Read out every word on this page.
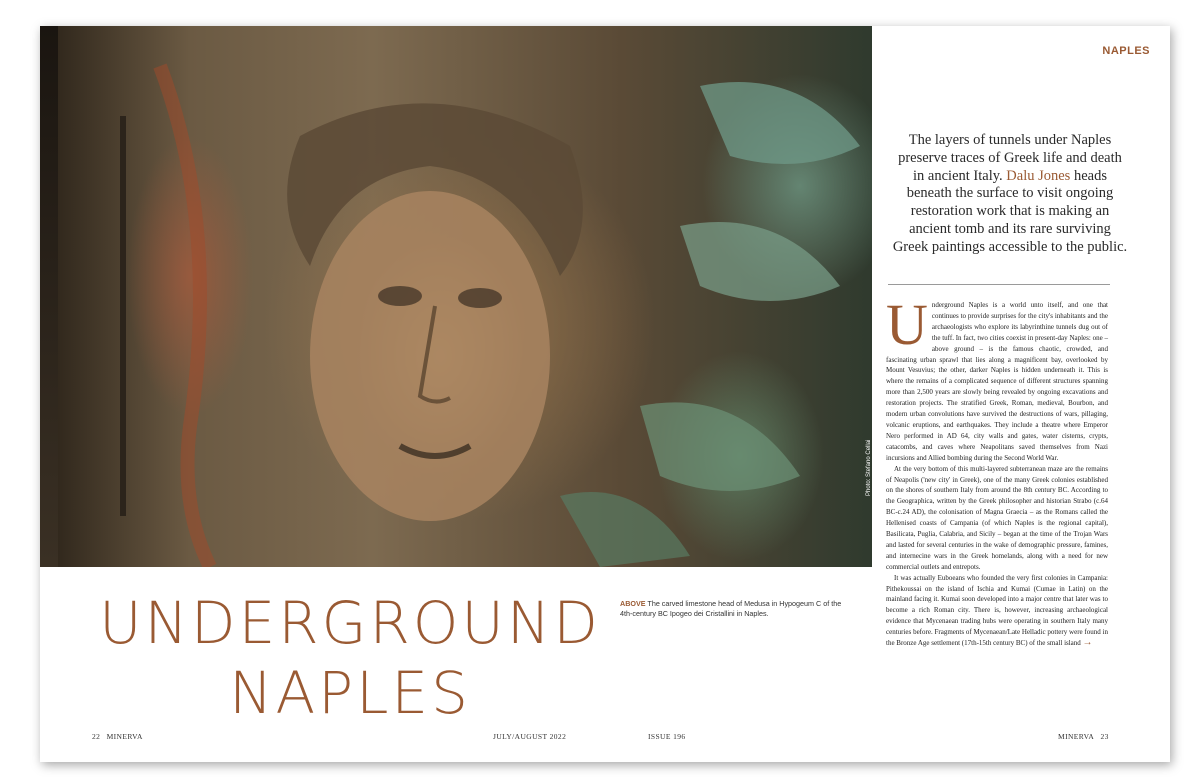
Photo: Stefano Cellai
UNDERGROUND
NAPLES
ABOVE The carved limestone head of Medusa in Hypogeum C of the 4th-century BC Ipogeo dei Cristallini in Naples.
NAPLES
The layers of tunnels under Naples preserve traces of Greek life and death in ancient Italy. Dalu Jones heads beneath the surface to visit ongoing restoration work that is making an ancient tomb and its rare surviving Greek paintings accessible to the public.

Underground Naples is a world unto itself, and one that continues to provide surprises for the city's inhabitants and the archaeologists who explore its labyrinthine tunnels dug out of the tuff. In fact, two cities coexist in present-day Naples: one – above ground – is the famous chaotic, crowded, and fascinating urban sprawl that lies along a magnificent bay, overlooked by Mount Vesuvius; the other, darker Naples is hidden underneath it. This is where the remains of a complicated sequence of different structures spanning more than 2,500 years are slowly being revealed by ongoing excavations and restoration projects. The stratified Greek, Roman, medieval, Bourbon, and modern urban convolutions have survived the destructions of wars, pillaging, volcanic eruptions, and earthquakes. They include a theatre where Emperor Nero performed in AD 64, city walls and gates, water cisterns, crypts, catacombs, and caves where Neapolitans saved themselves from Nazi incursions and Allied bombing during the Second World War.

At the very bottom of this multi-layered subterranean maze are the remains of Neapolis ('new city' in Greek), one of the many Greek colonies established on the shores of southern Italy from around the 8th century BC. According to the Geographica, written by the Greek philosopher and historian Strabo (c.64 BC-c.24 AD), the colonisation of Magna Graecia – as the Romans called the Hellenised coasts of Campania (of which Naples is the regional capital), Basilicata, Puglia, Calabria, and Sicily – began at the time of the Trojan Wars and lasted for several centuries in the wake of demographic pressure, famines, and internecine wars in the Greek homelands, along with a need for new commercial outlets and entrepots.

It was actually Euboeans who founded the very first colonies in Campania: Pithekoussai on the island of Ischia and Kumai (Cumae in Latin) on the mainland facing it. Kumai soon developed into a major centre that later was to become a rich Roman city. There is, however, increasing archaeological evidence that Mycenaean trading hubs were operating in southern Italy many centuries before. Fragments of Mycenaean/Late Helladic pottery were found in the Bronze Age settlement (17th-15th century BC) of the small island →

22 MINERVA	JULY/AUGUST 2022	ISSUE 196	MINERVA 23
